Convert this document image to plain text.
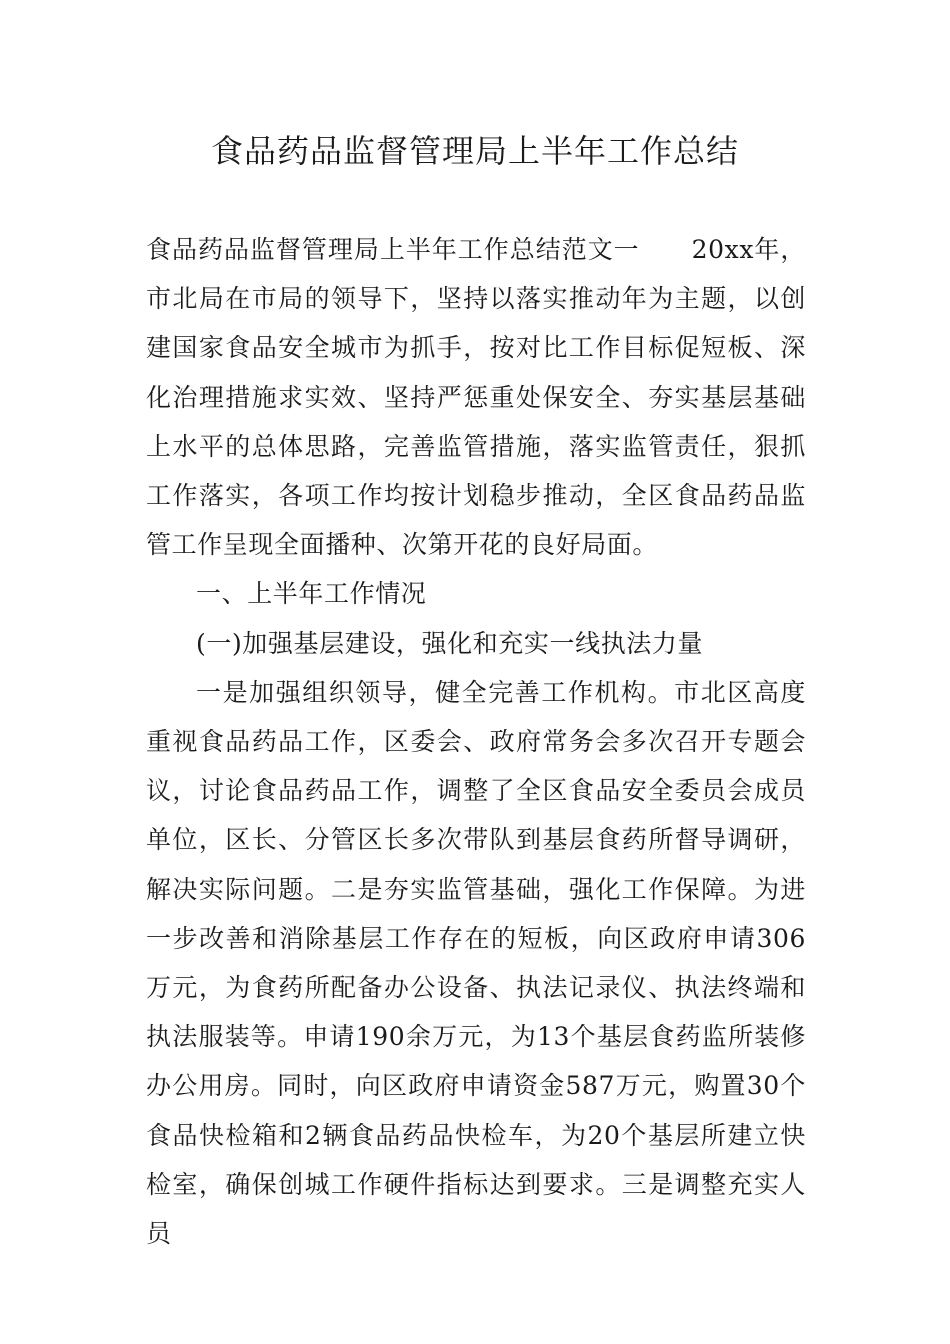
食品药品监督管理局上半年工作总结

食品药品监督管理局上半年工作总结范文一　　20xx年，市北局在市局的领导下，坚持以落实推动年为主题，以创建国家食品安全城市为抓手，按对比工作目标促短板、深化治理措施求实效、坚持严惩重处保安全、夯实基层基础上水平的总体思路，完善监管措施，落实监管责任，狠抓工作落实，各项工作均按计划稳步推动，全区食品药品监管工作呈现全面播种、次第开花的良好局面。

一、上半年工作情况

(一)加强基层建设，强化和充实一线执法力量

一是加强组织领导，健全完善工作机构。市北区高度重视食品药品工作，区委会、政府常务会多次召开专题会议，讨论食品药品工作，调整了全区食品安全委员会成员单位，区长、分管区长多次带队到基层食药所督导调研，解决实际问题。二是夯实监管基础，强化工作保障。为进一步改善和消除基层工作存在的短板，向区政府申请306万元，为食药所配备办公设备、执法记录仪、执法终端和执法服装等。申请190余万元，为13个基层食药监所装修办公用房。同时，向区政府申请资金587万元，购置30个食品快检箱和2辆食品药品快检车，为20个基层所建立快检室，确保创城工作硬件指标达到要求。三是调整充实人员
